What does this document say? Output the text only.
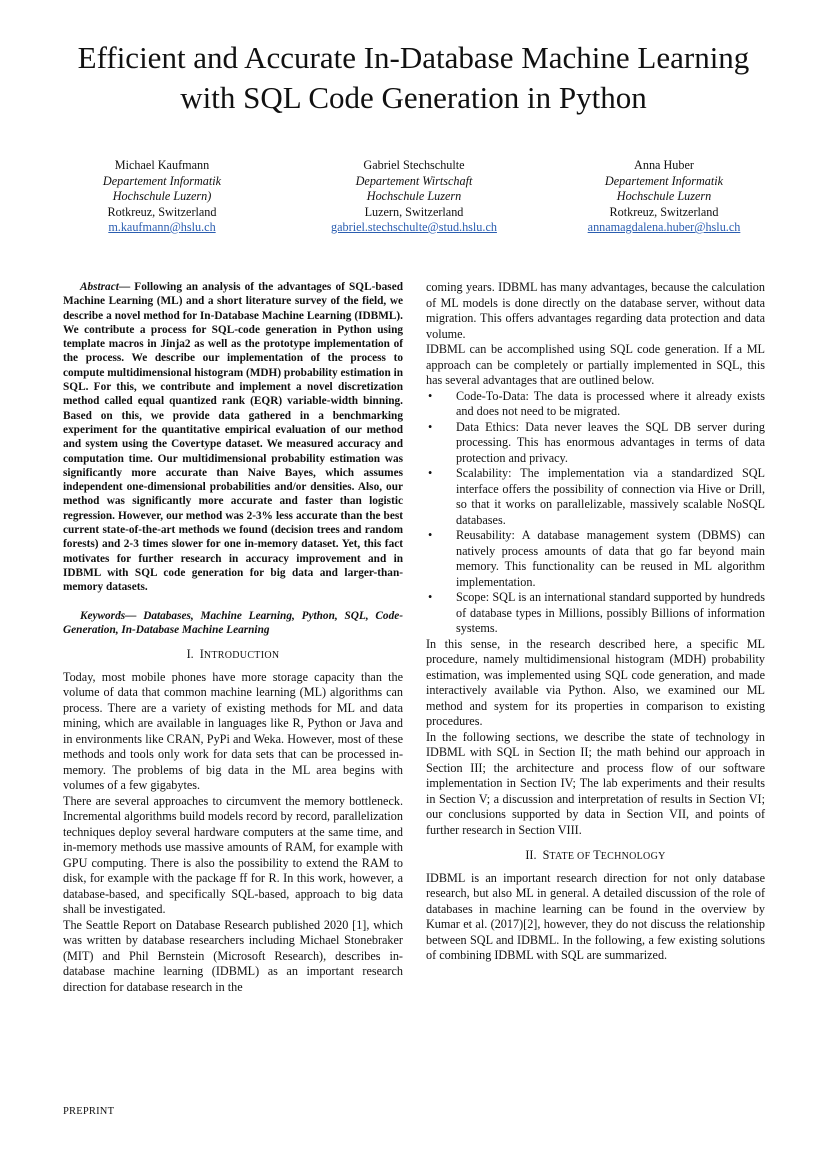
Efficient and Accurate In-Database Machine Learning with SQL Code Generation in Python
Michael Kaufmann
Departement Informatik
Hochschule Luzern)
Rotkreuz, Switzerland
m.kaufmann@hslu.ch
Gabriel Stechschulte
Departement Wirtschaft
Hochschule Luzern
Luzern, Switzerland
gabriel.stechschulte@stud.hslu.ch
Anna Huber
Departement Informatik
Hochschule Luzern
Rotkreuz, Switzerland
annamagdalena.huber@hslu.ch

Abstract— Following an analysis of the advantages of SQL-based Machine Learning (ML) and a short literature survey of the field, we describe a novel method for In-Database Machine Learning (IDBML). We contribute a process for SQL-code generation in Python using template macros in Jinja2 as well as the prototype implementation of the process. We describe our implementation of the process to compute multidimensional histogram (MDH) probability estimation in SQL. For this, we contribute and implement a novel discretization method called equal quantized rank (EQR) variable-width binning. Based on this, we provide data gathered in a benchmarking experiment for the quantitative empirical evaluation of our method and system using the Covertype dataset. We measured accuracy and computation time. Our multidimensional probability estimation was significantly more accurate than Naive Bayes, which assumes independent one-dimensional probabilities and/or densities. Also, our method was significantly more accurate and faster than logistic regression. However, our method was 2-3% less accurate than the best current state-of-the-art methods we found (decision trees and random forests) and 2-3 times slower for one in-memory dataset. Yet, this fact motivates for further research in accuracy improvement and in IDBML with SQL code generation for big data and larger-than-memory datasets.

Keywords— Databases, Machine Learning, Python, SQL, Code-Generation, In-Database Machine Learning

I. INTRODUCTION

Today, most mobile phones have more storage capacity than the volume of data that common machine learning (ML) algorithms can process. There are a variety of existing methods for ML and data mining, which are available in languages like R, Python or Java and in environments like CRAN, PyPi and Weka. However, most of these methods and tools only work for data sets that can be processed in-memory. The problems of big data in the ML area begins with volumes of a few gigabytes.

There are several approaches to circumvent the memory bottleneck. Incremental algorithms build models record by record, parallelization techniques deploy several hardware computers at the same time, and in-memory methods use massive amounts of RAM, for example with GPU computing. There is also the possibility to extend the RAM to disk, for example with the package ff for R. In this work, however, a database-based, and specifically SQL-based, approach to big data shall be investigated.

The Seattle Report on Database Research published 2020 [1], which was written by database researchers including Michael Stonebraker (MIT) and Phil Bernstein (Microsoft Research), describes in-database machine learning (IDBML) as an important research direction for database research in the

coming years. IDBML has many advantages, because the calculation of ML models is done directly on the database server, without data migration. This offers advantages regarding data protection and data volume.

IDBML can be accomplished using SQL code generation. If a ML approach can be completely or partially implemented in SQL, this has several advantages that are outlined below.

• Code-To-Data: The data is processed where it already exists and does not need to be migrated.
• Data Ethics: Data never leaves the SQL DB server during processing. This has enormous advantages in terms of data protection and privacy.
• Scalability: The implementation via a standardized SQL interface offers the possibility of connection via Hive or Drill, so that it works on parallelizable, massively scalable NoSQL databases.
• Reusability: A database management system (DBMS) can natively process amounts of data that go far beyond main memory. This functionality can be reused in ML algorithm implementation.
• Scope: SQL is an international standard supported by hundreds of database types in Millions, possibly Billions of information systems.

In this sense, in the research described here, a specific ML procedure, namely multidimensional histogram (MDH) probability estimation, was implemented using SQL code generation, and made interactively available via Python. Also, we examined our ML method and system for its properties in comparison to existing procedures.

In the following sections, we describe the state of technology in IDBML with SQL in Section II; the math behind our approach in Section III; the architecture and process flow of our software implementation in Section IV; The lab experiments and their results in Section V; a discussion and interpretation of results in Section VI; our conclusions supported by data in Section VII, and points of further research in Section VIII.

II. STATE OF TECHNOLOGY

IDBML is an important research direction for not only database research, but also ML in general. A detailed discussion of the role of databases in machine learning can be found in the overview by Kumar et al. (2017)[2], however, they do not discuss the relationship between SQL and IDBML. In the following, a few existing solutions of combining IDBML with SQL are summarized.

PREPRINT
